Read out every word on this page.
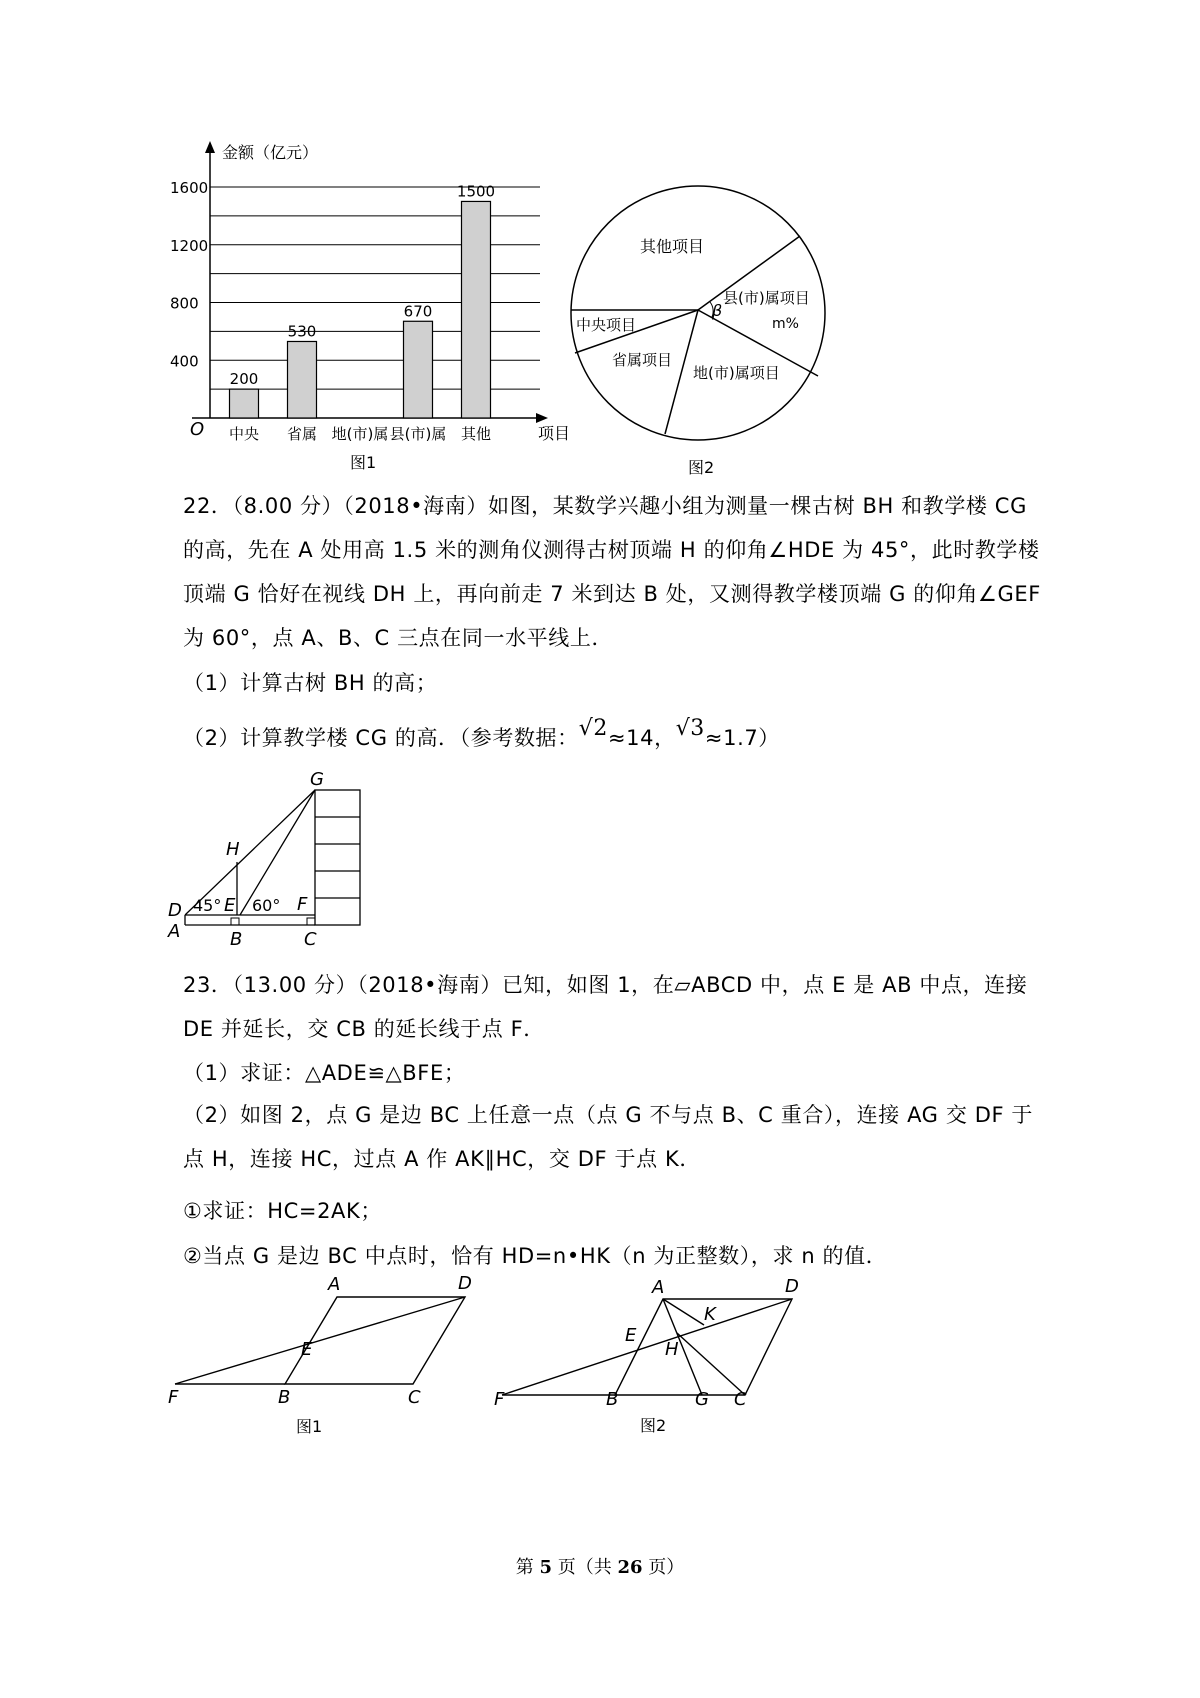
金额（亿元）
项目
O
1600
1200
800
400
200
530
670
1500
中央 省属 地(市)属 县(市)属 其他
图1
β
其他项目
县(市)属项目
m%
中央项目
省属项目
地(市)属项目
图2
22．（8.00 分）（2018•海南）如图，某数学兴趣小组为测量一棵古树 BH 和教学楼 CG 的高，先在 A 处用高 1.5 米的测角仪测得古树顶端 H 的仰角∠HDE 为 45°，此时教学楼顶端 G 恰好在视线 DH 上，再向前走 7 米到达 B 处，又测得教学楼顶端 G 的仰角∠GEF 为 60°，点 A、B、C 三点在同一水平线上．
（1）计算古树 BH 的高；
（2）计算教学楼 CG 的高．（参考数据：√2≈14，√3≈1.7）
G
H
D E	F
A	B	C
45° 60°
23．（13.00 分）（2018•海南）已知，如图 1，在▱ABCD 中，点 E 是 AB 中点，连接 DE 并延长，交 CB 的延长线于点 F．
（1）求证：△ADE≌△BFE；
（2）如图 2，点 G 是边 BC 上任意一点（点 G 不与点 B、C 重合），连接 AG 交 DF 于点 H，连接 HC，过点 A 作 AK∥HC，交 DF 于点 K．
①求证：HC=2AK；
②当点 G 是边 BC 中点时，恰有 HD=n•HK（n 为正整数），求 n 的值．
A	D
E
F	B	C
图1
A	D
K
E
H
F	B	G C
图2
第 5 页（共 26 页）
